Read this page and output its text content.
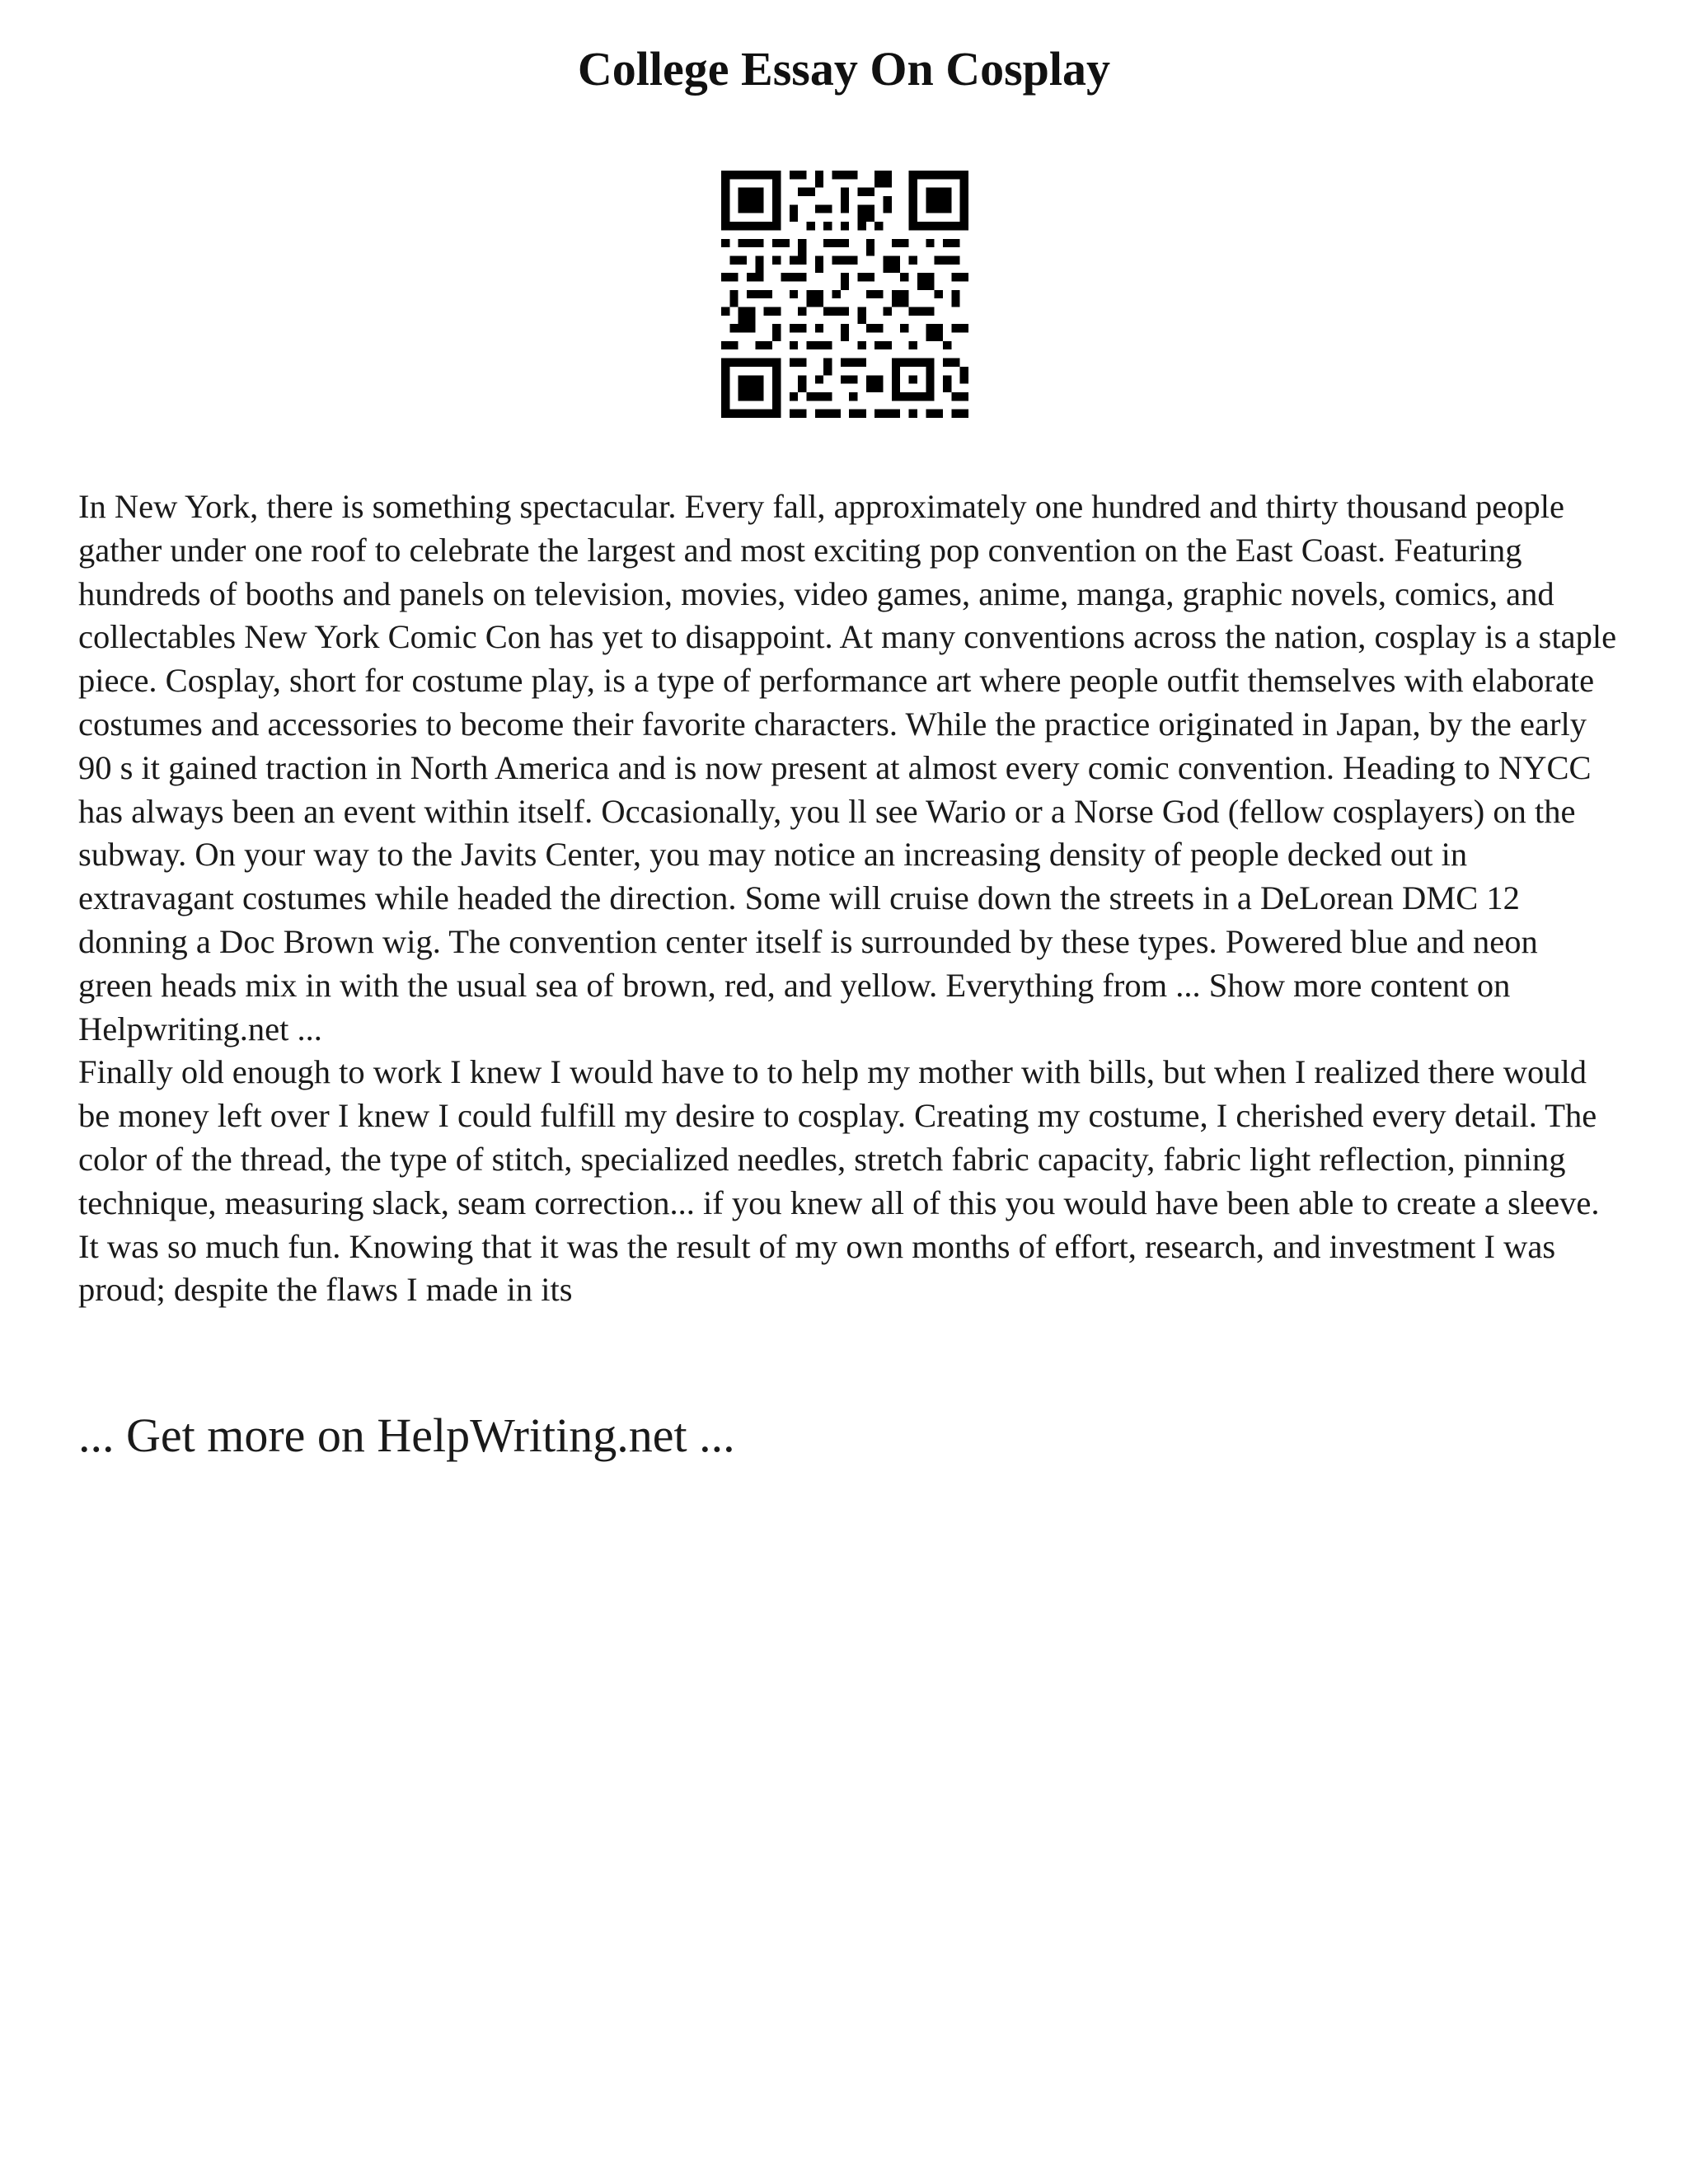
College Essay On Cosplay

In New York, there is something spectacular. Every fall, approximately one hundred and thirty thousand people gather under one roof to celebrate the largest and most exciting pop convention on the East Coast. Featuring hundreds of booths and panels on television, movies, video games, anime, manga, graphic novels, comics, and collectables New York Comic Con has yet to disappoint. At many conventions across the nation, cosplay is a staple piece. Cosplay, short for costume play, is a type of performance art where people outfit themselves with elaborate costumes and accessories to become their favorite characters. While the practice originated in Japan, by the early 90 s it gained traction in North America and is now present at almost every comic convention. Heading to NYCC has always been an event within itself. Occasionally, you ll see Wario or a Norse God (fellow cosplayers) on the subway. On your way to the Javits Center, you may notice an increasing density of people decked out in extravagant costumes while headed the direction. Some will cruise down the streets in a DeLorean DMC 12 donning a Doc Brown wig. The convention center itself is surrounded by these types. Powered blue and neon green heads mix in with the usual sea of brown, red, and yellow. Everything from ... Show more content on Helpwriting.net ...

Finally old enough to work I knew I would have to to help my mother with bills, but when I realized there would be money left over I knew I could fulfill my desire to cosplay. Creating my costume, I cherished every detail. The color of the thread, the type of stitch, specialized needles, stretch fabric capacity, fabric light reflection, pinning technique, measuring slack, seam correction... if you knew all of this you would have been able to create a sleeve. It was so much fun. Knowing that it was the result of my own months of effort, research, and investment I was proud; despite the flaws I made in its

... Get more on HelpWriting.net ...
